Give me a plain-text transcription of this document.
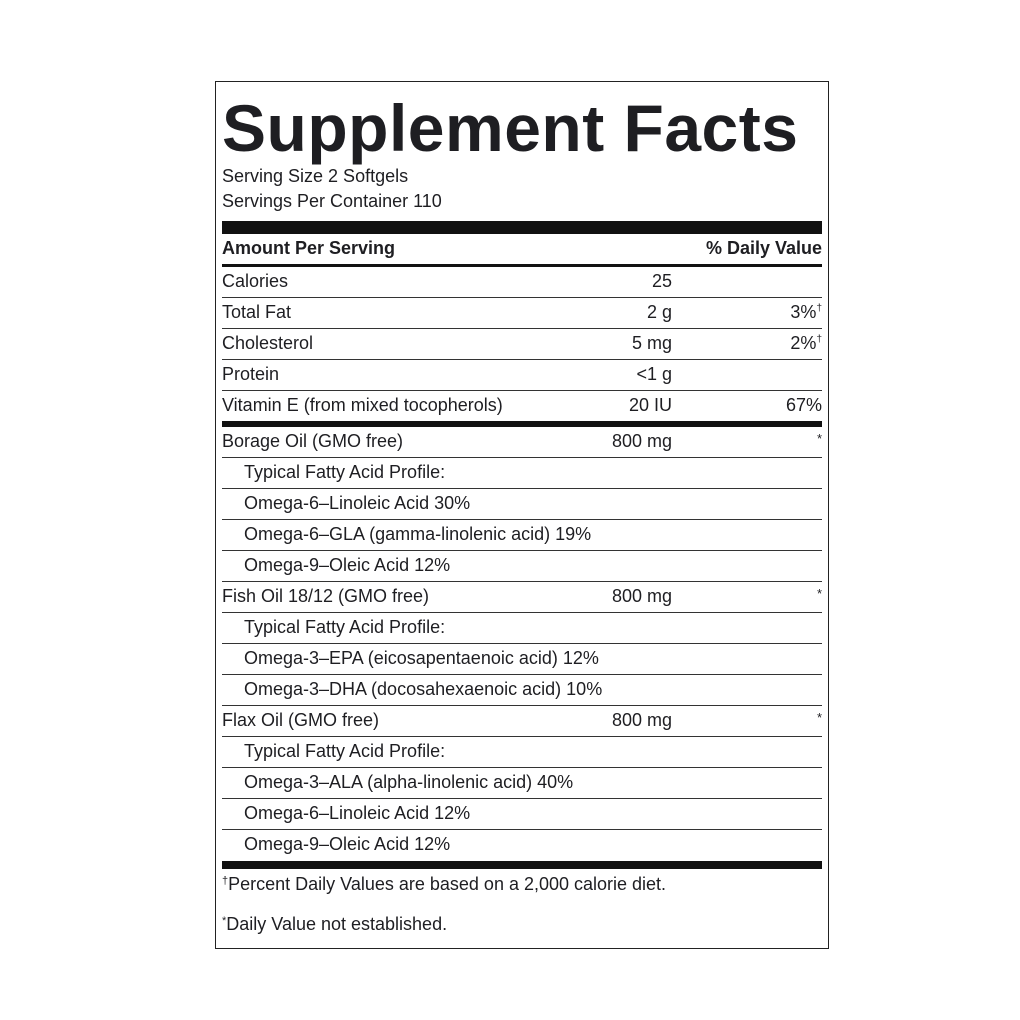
Supplement Facts
Serving Size 2 Softgels
Servings Per Container 110
Amount Per Serving	% Daily Value
Calories	25
Total Fat	2 g	3%†
Cholesterol	5 mg	2%†
Protein	<1 g
Vitamin E (from mixed tocopherols)	20 IU	67%
Borage Oil (GMO free)	800 mg	*
Typical Fatty Acid Profile:
Omega-6–Linoleic Acid 30%
Omega-6–GLA (gamma-linolenic acid) 19%
Omega-9–Oleic Acid 12%
Fish Oil 18/12 (GMO free)	800 mg	*
Typical Fatty Acid Profile:
Omega-3–EPA (eicosapentaenoic acid) 12%
Omega-3–DHA (docosahexaenoic acid) 10%
Flax Oil (GMO free)	800 mg	*
Typical Fatty Acid Profile:
Omega-3–ALA (alpha-linolenic acid) 40%
Omega-6–Linoleic Acid 12%
Omega-9–Oleic Acid 12%
†Percent Daily Values are based on a 2,000 calorie diet.
*Daily Value not established.
